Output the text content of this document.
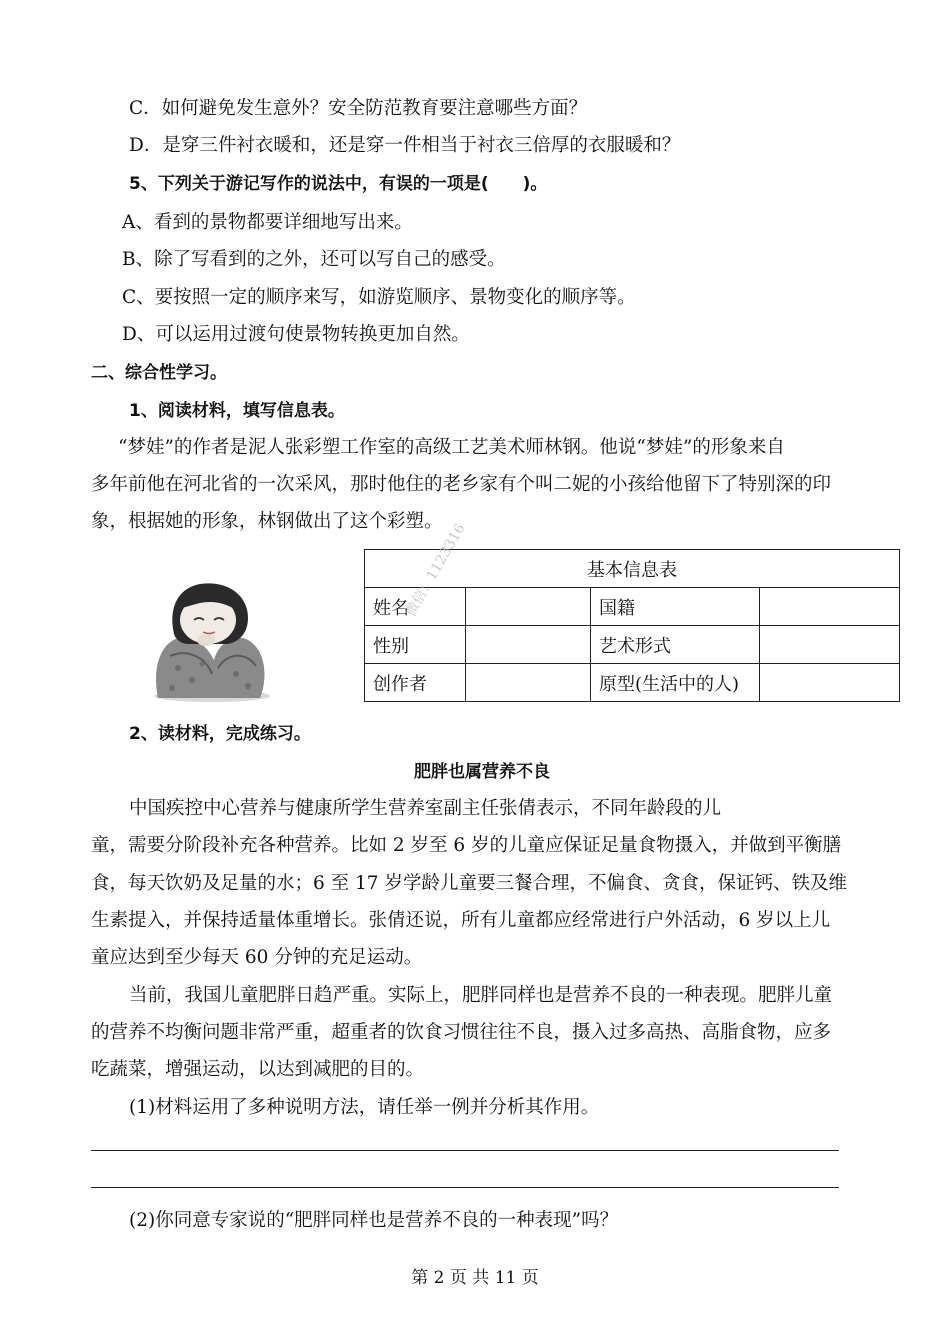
C．如何避免发生意外？安全防范教育要注意哪些方面？
D．是穿三件衬衣暖和，还是穿一件相当于衬衣三倍厚的衣服暖和？
5、下列关于游记写作的说法中，有误的一项是(　　)。
A、看到的景物都要详细地写出来。
B、除了写看到的之外，还可以写自己的感受。
C、要按照一定的顺序来写，如游览顺序、景物变化的顺序等。
D、可以运用过渡句使景物转换更加自然。
二、综合性学习。
1、阅读材料，填写信息表。
“梦娃”的作者是泥人张彩塑工作室的高级工艺美术师林钢。他说“梦娃”的形象来自
多年前他在河北省的一次采风，那时他住的老乡家有个叫二妮的小孩给他留下了特别深的印
象，根据她的形象，林钢做出了这个彩塑。
基本信息表			
姓名		国籍	
性别		艺术形式	
创作者		原型(生活中的人)	
微信：1123316
2、读材料，完成练习。
肥胖也属营养不良
中国疾控中心营养与健康所学生营养室副主任张倩表示，不同年龄段的儿
童，需要分阶段补充各种营养。比如 2 岁至 6 岁的儿童应保证足量食物摄入，并做到平衡膳
食，每天饮奶及足量的水；6 至 17 岁学龄儿童要三餐合理，不偏食、贪食，保证钙、铁及维
生素提入，并保持适量体重增长。张倩还说，所有儿童都应经常进行户外活动，6 岁以上儿
童应达到至少每天 60 分钟的充足运动。
当前，我国儿童肥胖日趋严重。实际上，肥胖同样也是营养不良的一种表现。肥胖儿童
的营养不均衡问题非常严重，超重者的饮食习惯往往不良，摄入过多高热、高脂食物，应多
吃蔬菜，增强运动，以达到减肥的目的。
(1)材料运用了多种说明方法，请任举一例并分析其作用。
(2)你同意专家说的“肥胖同样也是营养不良的一种表现”吗？
第 2 页 共 11 页
